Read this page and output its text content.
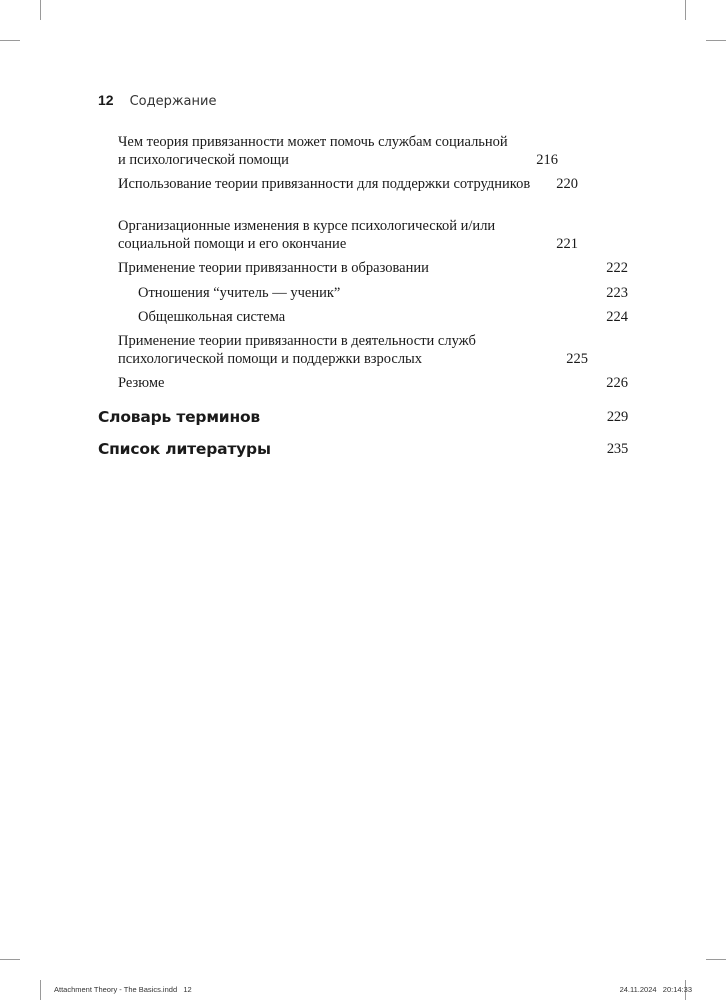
12 Содержание
Чем теория привязанности может помочь службам социальной и психологической помощи	216
Использование теории привязанности для поддержки сотрудников	220
Организационные изменения в курсе психологической и/или социальной помощи и его окончание	221
Применение теории привязанности в образовании	222
Отношения “учитель — ученик”	223
Общешкольная система	224
Применение теории привязанности в деятельности служб психологической помощи и поддержки взрослых	225
Резюме	226
Словарь терминов	229
Список литературы	235
Attachment Theory - The Basics.indd   12	24.11.2024   20:14:33
